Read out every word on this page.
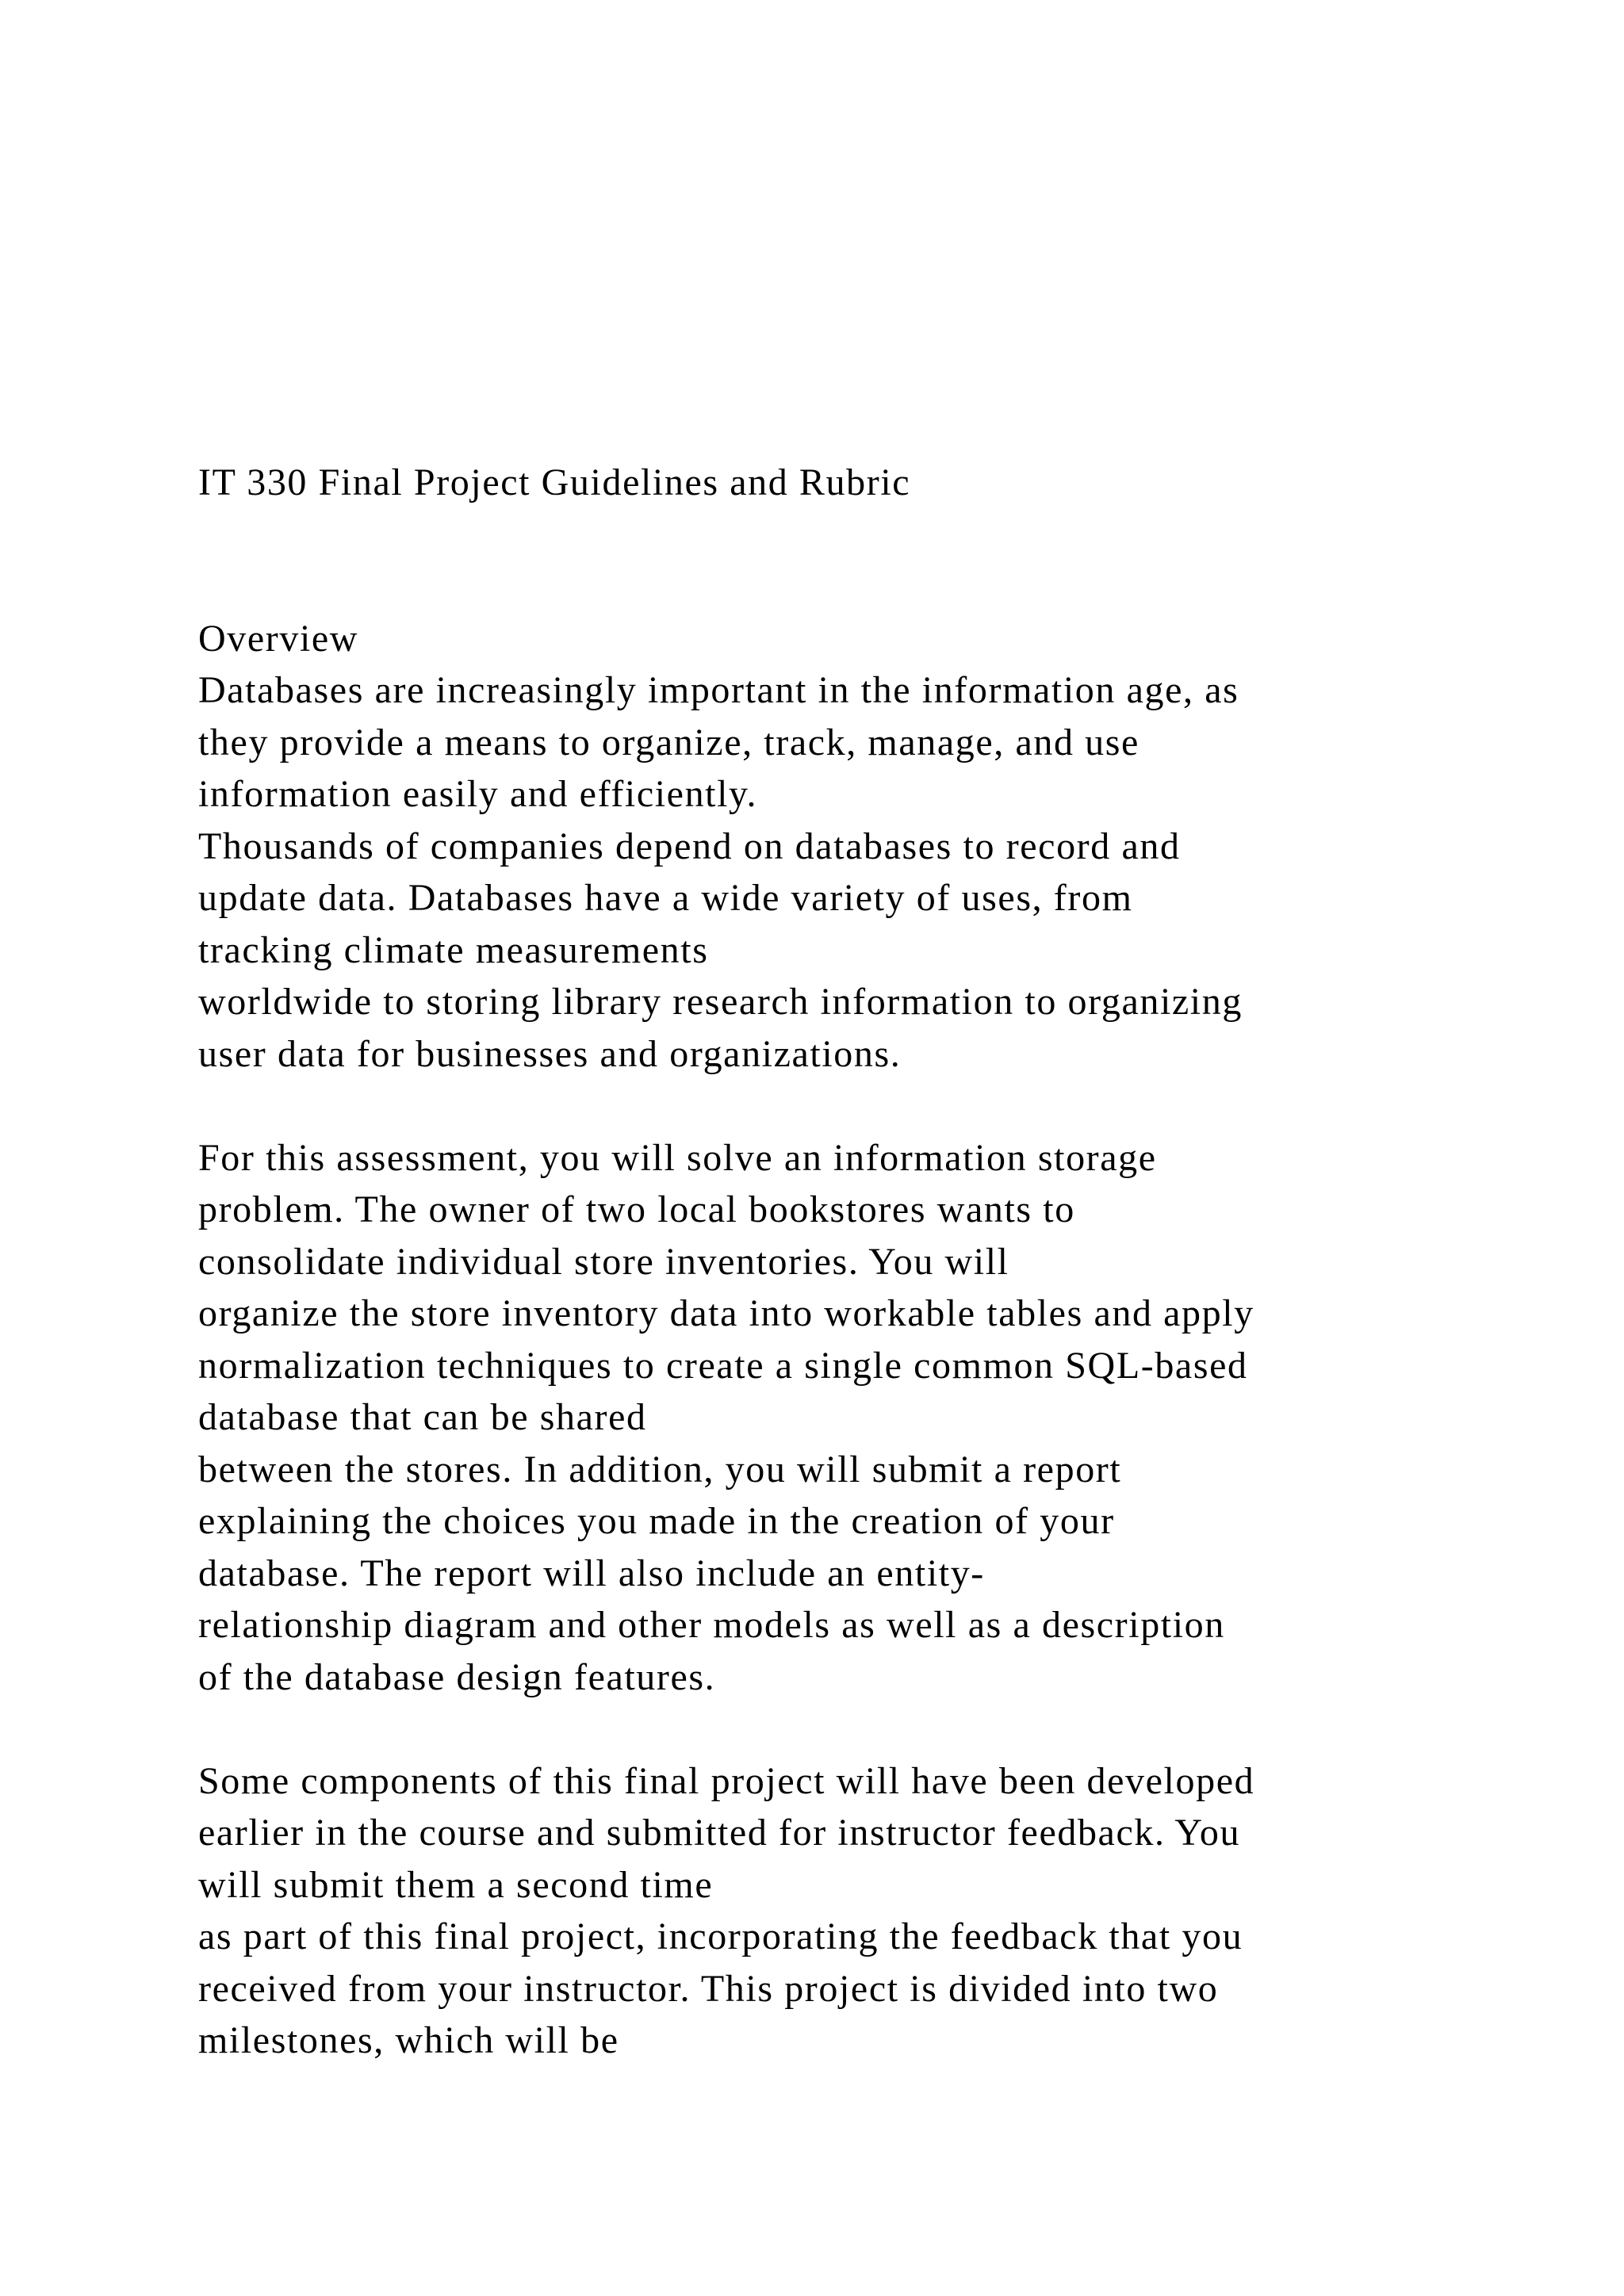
IT 330 Final Project Guidelines and Rubric
Overview
Databases are increasingly important in the information age, as
they provide a means to organize, track, manage, and use
information easily and efficiently.
Thousands of companies depend on databases to record and
update data. Databases have a wide variety of uses, from
tracking climate measurements
worldwide to storing library research information to organizing
user data for businesses and organizations.
For this assessment, you will solve an information storage
problem. The owner of two local bookstores wants to
consolidate individual store inventories. You will
organize the store inventory data into workable tables and apply
normalization techniques to create a single common SQL-based
database that can be shared
between the stores. In addition, you will submit a report
explaining the choices you made in the creation of your
database. The report will also include an entity-
relationship diagram and other models as well as a description
of the database design features.
Some components of this final project will have been developed
earlier in the course and submitted for instructor feedback. You
will submit them a second time
as part of this final project, incorporating the feedback that you
received from your instructor. This project is divided into two
milestones, which will be
